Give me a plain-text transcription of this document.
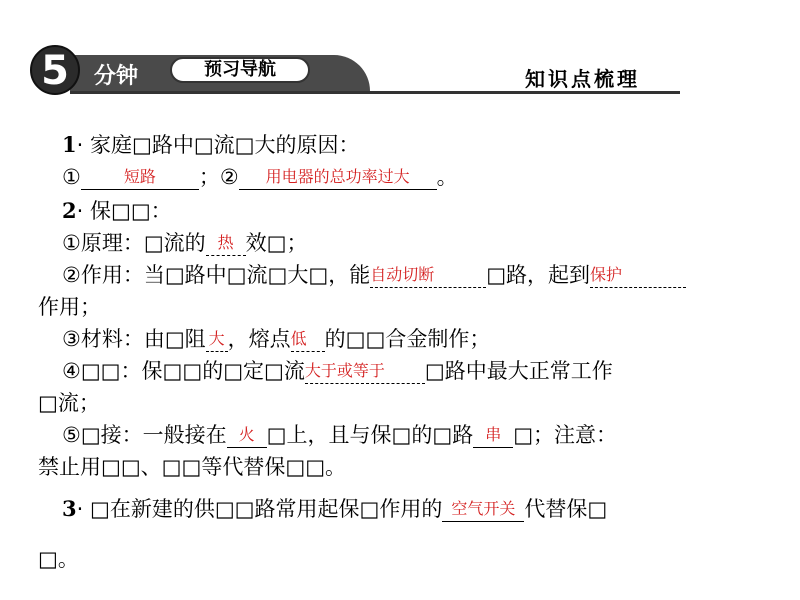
5	分钟	预习导航	知识点梳理
1· 家庭□路中□流□大的原因：
①	短路	；②	用电器的总功率过大	。
2· 保□□：
①原理：□流的 热 效□；
②作用：当□路中□流□大□，能 自动切断	□路，起到 保护
作用；
③材料：由□阻 大 ，熔点 低 的□□合金制作；
④□□：保□□的□定□流 大于或等于	□路中最大正常工作
□流；
⑤□接：一般接在 火 □上，且与保□的□路 串 □；注意：
禁止用□□、□□等代替保□□。
3· □在新建的供□□路常用起保□作用的 空气开关 代替保□
□。
